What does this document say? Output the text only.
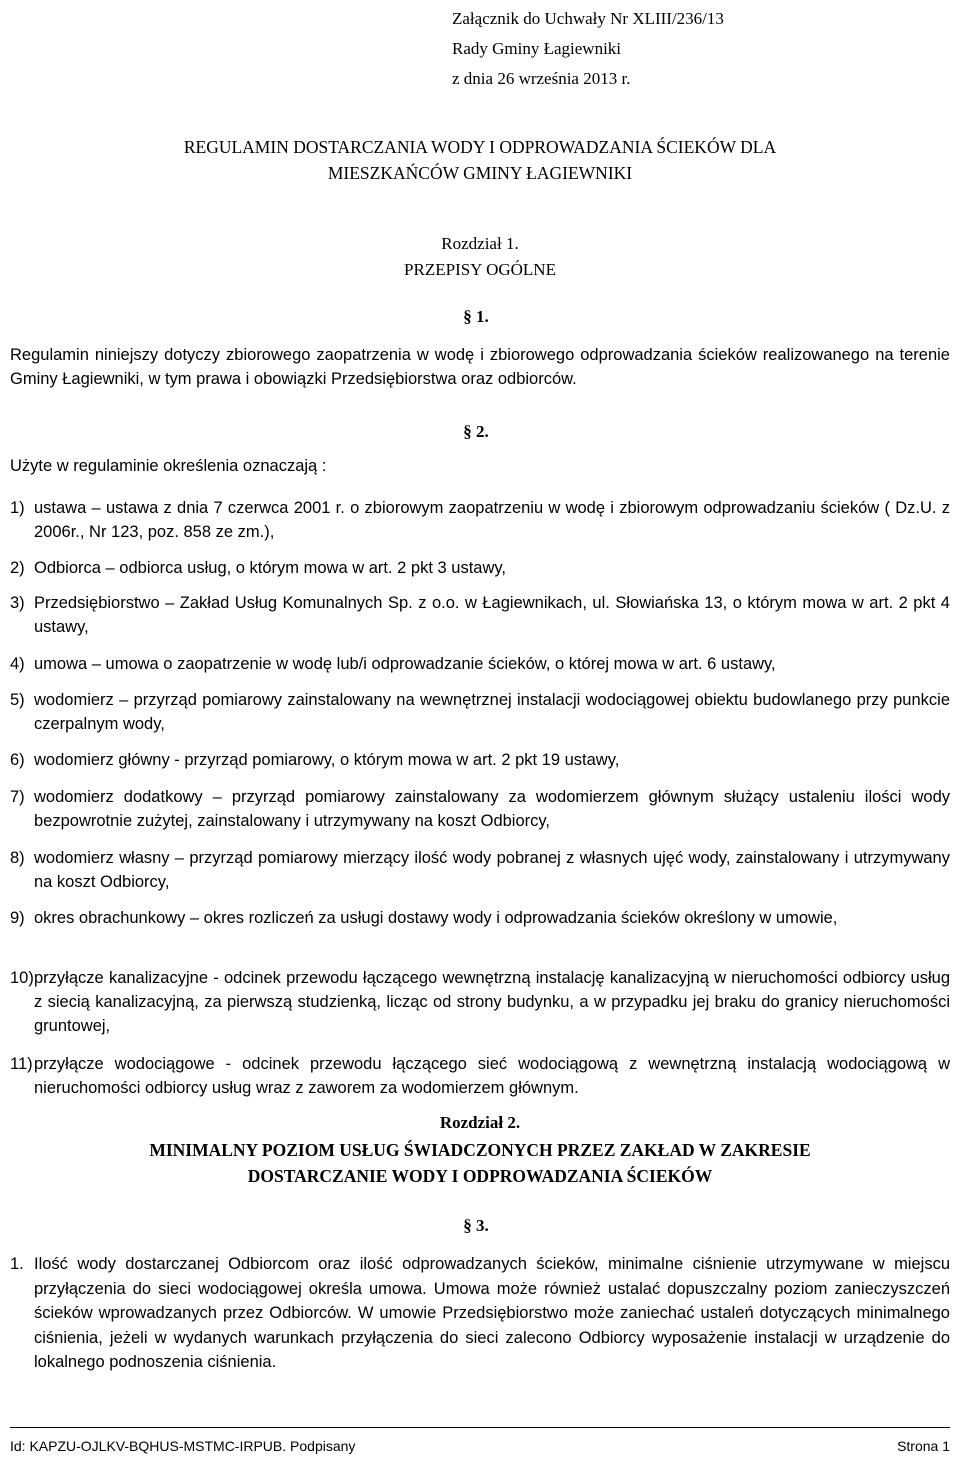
Załącznik do Uchwały Nr XLIII/236/13
Rady Gminy Łagiewniki
z dnia 26 września 2013 r.
REGULAMIN DOSTARCZANIA WODY I ODPROWADZANIA ŚCIEKÓW DLA
MIESZKAŃCÓW GMINY ŁAGIEWNIKI
Rozdział 1.
PRZEPISY OGÓLNE
§ 1.
Regulamin niniejszy dotyczy zbiorowego zaopatrzenia w wodę i zbiorowego odprowadzania ścieków realizowanego na terenie Gminy Łagiewniki, w tym prawa i obowiązki Przedsiębiorstwa oraz odbiorców.
§ 2.
Użyte w regulaminie określenia oznaczają :
1) ustawa – ustawa z dnia 7 czerwca 2001 r. o zbiorowym zaopatrzeniu w wodę i zbiorowym odprowadzaniu ścieków ( Dz.U. z 2006r., Nr 123, poz. 858 ze zm.),
2) Odbiorca – odbiorca usług, o którym mowa w art. 2 pkt 3 ustawy,
3) Przedsiębiorstwo – Zakład Usług Komunalnych Sp. z o.o. w Łagiewnikach, ul. Słowiańska 13, o którym mowa w art. 2 pkt 4 ustawy,
4) umowa – umowa o zaopatrzenie w wodę lub/i odprowadzanie ścieków, o której mowa w art. 6 ustawy,
5) wodomierz – przyrząd pomiarowy zainstalowany na wewnętrznej instalacji wodociągowej obiektu budowlanego przy punkcie czerpalnym wody,
6) wodomierz główny - przyrząd pomiarowy, o którym mowa w art. 2 pkt 19 ustawy,
7) wodomierz dodatkowy – przyrząd pomiarowy zainstalowany za wodomierzem głównym służący ustaleniu ilości wody bezpowrotnie zużytej, zainstalowany i utrzymywany na koszt Odbiorcy,
8) wodomierz własny – przyrząd pomiarowy mierzący ilość wody pobranej z własnych ujęć wody, zainstalowany i utrzymywany na koszt Odbiorcy,
9) okres obrachunkowy – okres rozliczeń za usługi dostawy wody i odprowadzania ścieków określony w umowie,
10) przyłącze kanalizacyjne - odcinek przewodu łączącego wewnętrzną instalację kanalizacyjną w nieruchomości odbiorcy usług z siecią kanalizacyjną, za pierwszą studzienką, licząc od strony budynku, a w przypadku jej braku do granicy nieruchomości gruntowej,
11) przyłącze wodociągowe - odcinek przewodu łączącego sieć wodociągową z wewnętrzną instalacją wodociągową w nieruchomości odbiorcy usług wraz z zaworem za wodomierzem głównym.
Rozdział 2.
MINIMALNY POZIOM USŁUG ŚWIADCZONYCH PRZEZ ZAKŁAD W ZAKRESIE
DOSTARCZANIE WODY I ODPROWADZANIA ŚCIEKÓW
§ 3.
1. Ilość wody dostarczanej Odbiorcom oraz ilość odprowadzanych ścieków, minimalne ciśnienie utrzymywane w miejscu przyłączenia do sieci wodociągowej określa umowa. Umowa może również ustalać dopuszczalny poziom zanieczyszczeń ścieków wprowadzanych przez Odbiorców. W umowie Przedsiębiorstwo może zaniechać ustaleń dotyczących minimalnego ciśnienia, jeżeli w wydanych warunkach przyłączenia do sieci zalecono Odbiorcy wyposażenie instalacji w urządzenie do lokalnego podnoszenia ciśnienia.
Id: KAPZU-OJLKV-BQHUS-MSTMC-IRPUB. Podpisany	Strona 1
